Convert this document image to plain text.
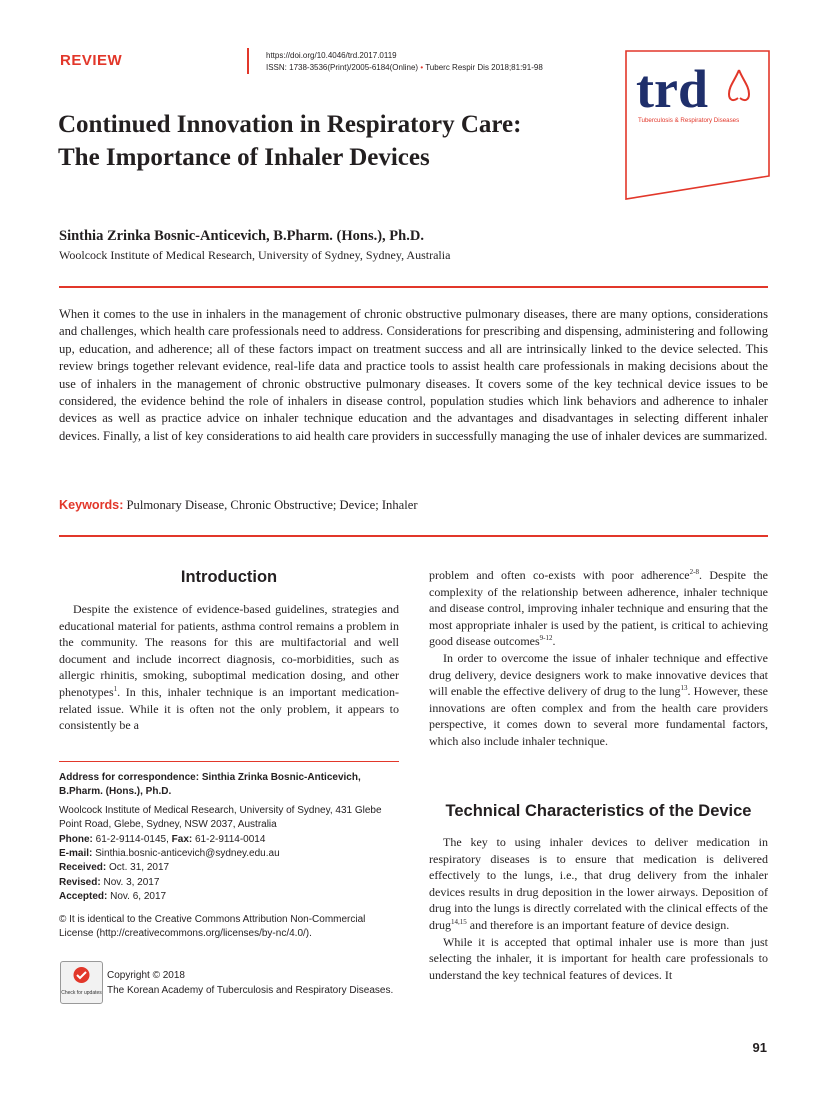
REVIEW	https://doi.org/10.4046/trd.2017.0119
ISSN: 1738-3536(Print)/2005-6184(Online) • Tuberc Respir Dis 2018;81:91-98 trd
Tuberculosis & Respiratory Diseases
Continued Innovation in Respiratory Care:
The Importance of Inhaler Devices
Sinthia Zrinka Bosnic-Anticevich, B.Pharm. (Hons.), Ph.D.
Woolcock Institute of Medical Research, University of Sydney, Sydney, Australia

When it comes to the use in inhalers in the management of chronic obstructive pulmonary diseases, there are many options, considerations and challenges, which health care professionals need to address. Considerations for prescribing and dispensing, administering and following up, education, and adherence; all of these factors impact on treatment success and all are intrinsically linked to the device selected. This review brings together relevant evidence, real-life data and practice tools to assist health care professionals in making decisions about the use of inhalers in the management of chronic obstructive pulmonary diseases. It covers some of the key technical device issues to be considered, the evidence behind the role of inhalers in disease control, population studies which link behaviors and adherence to inhaler devices as well as practice advice on inhaler technique education and the advantages and disadvantages in selecting different inhaler devices. Finally, a list of key considerations to aid health care providers in successfully managing the use of inhaler devices are summarized.

Keywords: Pulmonary Disease, Chronic Obstructive; Device; Inhaler
Introduction

Despite the existence of evidence-based guidelines, strategies and educational material for patients, asthma control remains a problem in the community. The reasons for this are multifactorial and well document and include incorrect diagnosis, co-morbidities, such as allergic rhinitis, smoking, suboptimal medication dosing, and other phenotypes$^1$. In this, inhaler technique is an important medication-related issue. While it is often not the only problem, it appears to consistently be a

Address for correspondence: Sinthia Zrinka Bosnic-Anticevich, B.Pharm. (Hons.), Ph.D.
Woolcock Institute of Medical Research, University of Sydney, 431 Glebe Point Road, Glebe, Sydney, NSW 2037, Australia
Phone: 61-2-9114-0145, Fax: 61-2-9114-0014
E-mail: Sinthia.bosnic-anticevich@sydney.edu.au
Received: Oct. 31, 2017
Revised: Nov. 3, 2017
Accepted: Nov. 6, 2017
© It is identical to the Creative Commons Attribution Non-Commercial License (http://creativecommons.org/licenses/by-nc/4.0/).
Check for updates
Copyright © 2018
The Korean Academy of Tuberculosis and Respiratory Diseases.

problem and often co-exists with poor adherence$^{2-8}$. Despite the complexity of the relationship between adherence, inhaler technique and disease control, improving inhaler technique and ensuring that the most appropriate inhaler is used by the patient, is critical to achieving good disease outcomes$^{9-12}$.

In order to overcome the issue of inhaler technique and effective drug delivery, device designers work to make innovative devices that will enable the effective delivery of drug to the lung$^{13}$. However, these innovations are often complex and from the health care providers perspective, it comes down to several more fundamental factors, which also include inhaler technique.

Technical Characteristics of the Device

The key to using inhaler devices to deliver medication in respiratory diseases is to ensure that medication is delivered effectively to the lungs, i.e., that drug delivery from the inhaler devices results in drug deposition in the lower airways. Deposition of drug into the lungs is directly correlated with the clinical effects of the drug$^{14,15}$ and therefore is an important feature of device design.

While it is accepted that optimal inhaler use is more than just selecting the inhaler, it is important for health care professionals to understand the key technical features of devices. It

91
